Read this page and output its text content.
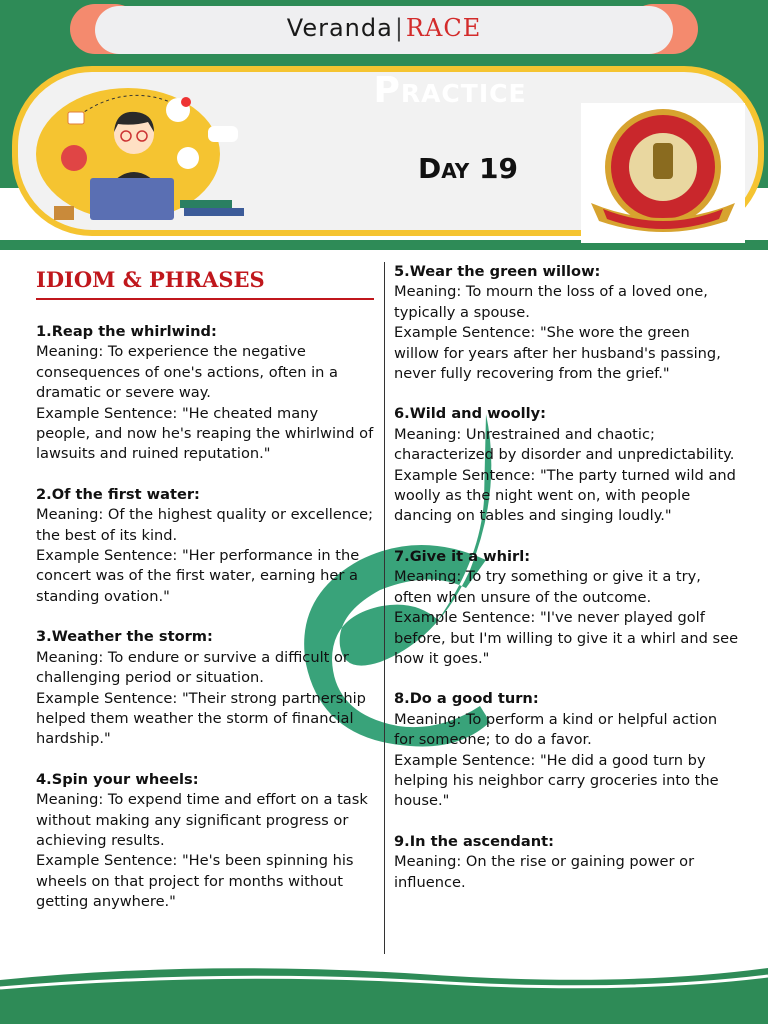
Veranda|RACE
Practice
Day 19
IDIOM & PHRASES
1.Reap the whirlwind:
Meaning: To experience the negative consequences of one's actions, often in a dramatic or severe way.
Example Sentence: "He cheated many people, and now he's reaping the whirlwind of lawsuits and ruined reputation."
2.Of the first water:
Meaning: Of the highest quality or excellence; the best of its kind.
Example Sentence: "Her performance in the concert was of the first water, earning her a standing ovation."
3.Weather the storm:
Meaning: To endure or survive a difficult or challenging period or situation.
Example Sentence: "Their strong partnership helped them weather the storm of financial hardship."
4.Spin your wheels:
Meaning: To expend time and effort on a task without making any significant progress or achieving results.
Example Sentence: "He's been spinning his wheels on that project for months without getting anywhere."
5.Wear the green willow:
Meaning: To mourn the loss of a loved one, typically a spouse.
Example Sentence: "She wore the green willow for years after her husband's passing, never fully recovering from the grief."
6.Wild and woolly:
Meaning: Unrestrained and chaotic; characterized by disorder and unpredictability.
Example Sentence: "The party turned wild and woolly as the night went on, with people dancing on tables and singing loudly."
7.Give it a whirl:
Meaning: To try something or give it a try, often when unsure of the outcome.
Example Sentence: "I've never played golf before, but I'm willing to give it a whirl and see how it goes."
8.Do a good turn:
Meaning: To perform a kind or helpful action for someone; to do a favor.
Example Sentence: "He did a good turn by helping his neighbor carry groceries into the house."
9.In the ascendant:
Meaning: On the rise or gaining power or influence.
